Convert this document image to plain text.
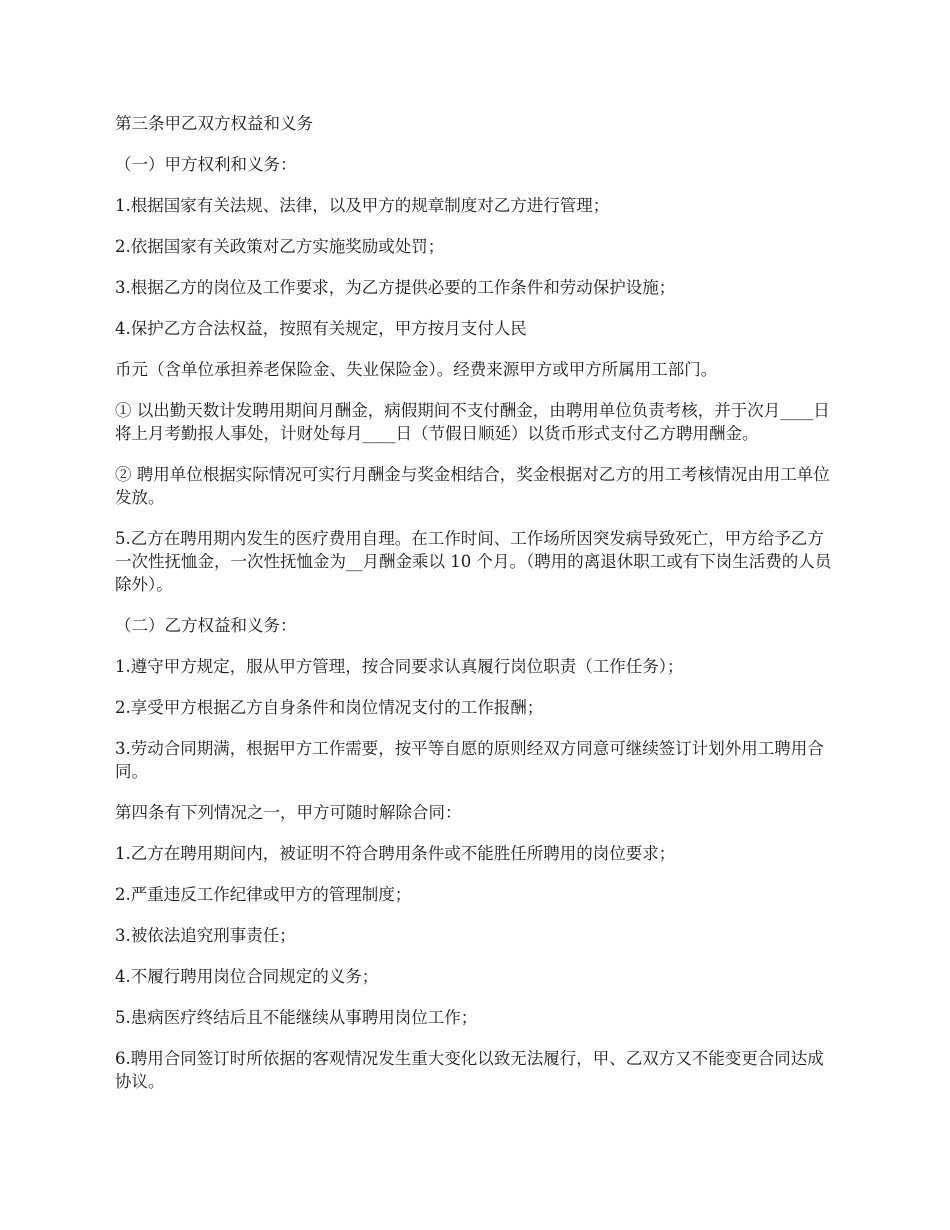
第三条甲乙双方权益和义务

（一）甲方权利和义务：

1.根据国家有关法规、法律，以及甲方的规章制度对乙方进行管理；

2.依据国家有关政策对乙方实施奖励或处罚；

3.根据乙方的岗位及工作要求，为乙方提供必要的工作条件和劳动保护设施；

4.保护乙方合法权益，按照有关规定，甲方按月支付人民

币元（含单位承担养老保险金、失业保险金）。经费来源甲方或甲方所属用工部门。

① 以出勤天数计发聘用期间月酬金，病假期间不支付酬金，由聘用单位负责考核，并于次月____日将上月考勤报人事处，计财处每月____日（节假日顺延）以货币形式支付乙方聘用酬金。

② 聘用单位根据实际情况可实行月酬金与奖金相结合，奖金根据对乙方的用工考核情况由用工单位发放。

5.乙方在聘用期内发生的医疗费用自理。在工作时间、工作场所因突发病导致死亡，甲方给予乙方一次性抚恤金，一次性抚恤金为__月酬金乘以 10 个月。（聘用的离退休职工或有下岗生活费的人员除外）。

（二）乙方权益和义务：

1.遵守甲方规定，服从甲方管理，按合同要求认真履行岗位职责（工作任务）；

2.享受甲方根据乙方自身条件和岗位情况支付的工作报酬；

3.劳动合同期满，根据甲方工作需要，按平等自愿的原则经双方同意可继续签订计划外用工聘用合同。

第四条有下列情况之一，甲方可随时解除合同：

1.乙方在聘用期间内，被证明不符合聘用条件或不能胜任所聘用的岗位要求；

2.严重违反工作纪律或甲方的管理制度；

3.被依法追究刑事责任；

4.不履行聘用岗位合同规定的义务；

5.患病医疗终结后且不能继续从事聘用岗位工作；

6.聘用合同签订时所依据的客观情况发生重大变化以致无法履行，甲、乙双方又不能变更合同达成协议。
